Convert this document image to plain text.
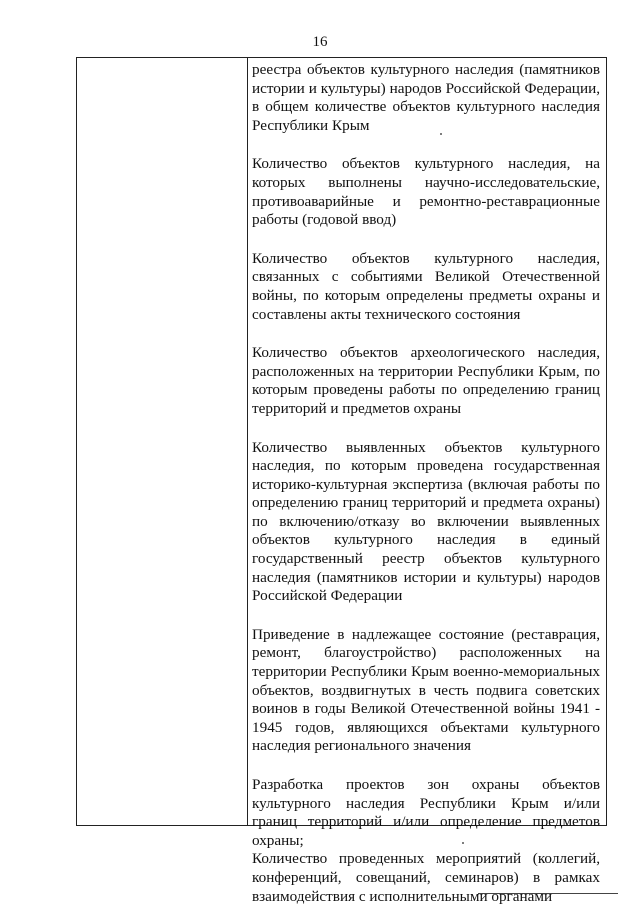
16

реестра объектов культурного наследия (памятников истории и культуры) народов Российской Федерации, в общем количестве объектов культурного наследия Республики Крым

Количество объектов культурного наследия, на которых выполнены научно-исследовательские, противоаварийные и ремонтно-реставрационные работы (годовой ввод)

Количество объектов культурного наследия, связанных с событиями Великой Отечественной войны, по которым определены предметы охраны и составлены акты технического состояния

Количество объектов археологического наследия, расположенных на территории Республики Крым, по которым проведены работы по определению границ территорий и предметов охраны

Количество выявленных объектов культурного наследия, по которым проведена государственная историко-культурная экспертиза (включая работы по определению границ территорий и предмета охраны) по включению/отказу во включении выявленных объектов культурного наследия в единый государственный реестр объектов культурного наследия (памятников истории и культуры) народов Российской Федерации

Приведение в надлежащее состояние (реставрация, ремонт, благоустройство) расположенных на территории Республики Крым военно-мемориальных объектов, воздвигнутых в честь подвига советских воинов в годы Великой Отечественной войны 1941 - 1945 годов, являющихся объектами культурного наследия регионального значения

Разработка проектов зон охраны объектов культурного наследия Республики Крым и/или границ территорий и/или определение предметов охраны;

Количество проведенных мероприятий (коллегий, конференций, совещаний, семинаров) в рамках взаимодействия с исполнительными органами
